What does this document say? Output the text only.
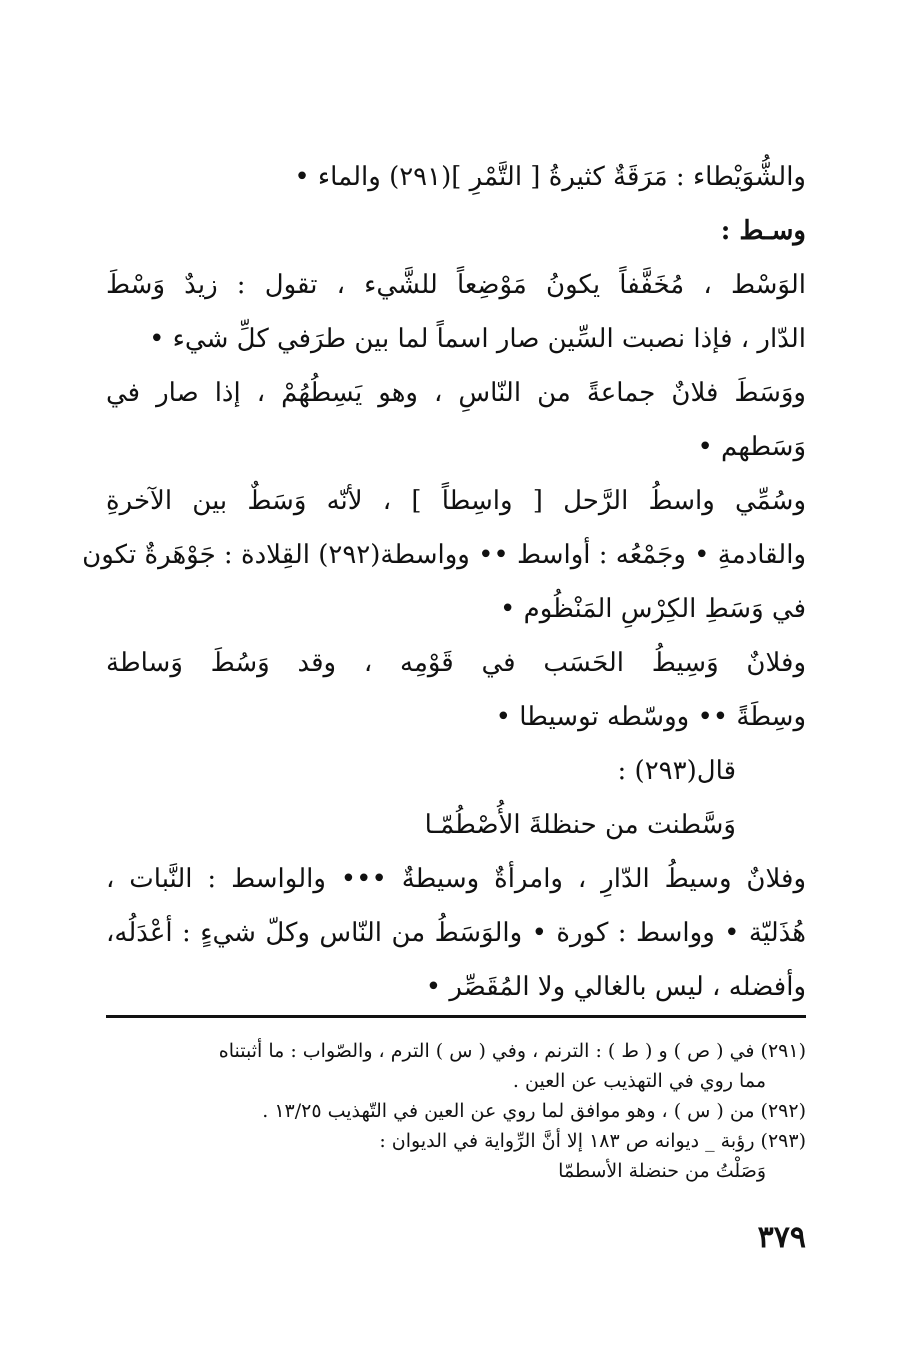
والشُّوَيْطاء : مَرَقَةٌ كثيرةُ [ التَّمْرِ ](٢٩١) والماء •
وسـط :
الوَسْط ، مُخَفَّفاً يكونُ مَوْضِعاً للشَّيء ، تقول : زيدٌ وَسْطَ
الدّار ، فإذا نصبت السِّين صار اسماً لما بين طرَفي كلِّ شيء •
ووَسَطَ فلانٌ جماعةً من النّاسِ ، وهو يَسِطُهُمْ ، إذا صار في
وَسَطهم •
وسُمِّي واسطُ الرَّحل [ واسِطاً ] ، لأنّه وَسَطٌ بين الآخرةِ
والقادمةِ • وجَمْعُه : أواسط •• وواسطة(٢٩٢) القِلادة : جَوْهَرةٌ تكون
في وَسَطِ الكِرْسِ المَنْظُوم •
وفلانٌ وَسِيطُ الحَسَب في قَوْمِه ، وقد وَسُطَ وَساطة
وسِطَةً •• ووسّطه توسيطا •
قال(٢٩٣) :
وَسَّطنت من حنظلةَ الأُصْطُمّـا
وفلانٌ وسيطُ الدّارِ ، وامرأةٌ وسيطةٌ ••• والواسط : النَّبات ،
هُذَليّة • وواسط : كورة • والوَسَطُ من النّاس وكلّ شيءٍ : أعْدَلُه،
وأفضله ، ليس بالغالي ولا المُقَصِّر •
(٢٩١) في ( ص ) و ( ط ) : الترنم ، وفي ( س ) الترم ، والصّواب : ما أثبتناه
مما روي في التهذيب عن العين .
(٢٩٢) من ( س ) ، وهو موافق لما روي عن العين في التّهذيب ١٣/٢٥ .
(٢٩٣) رؤبة _ ديوانه ص ١٨٣ إلا أنَّ الرِّواية في الديوان :
وَصَلْتُ من حنضلة الأسطمّا
٣٧٩
